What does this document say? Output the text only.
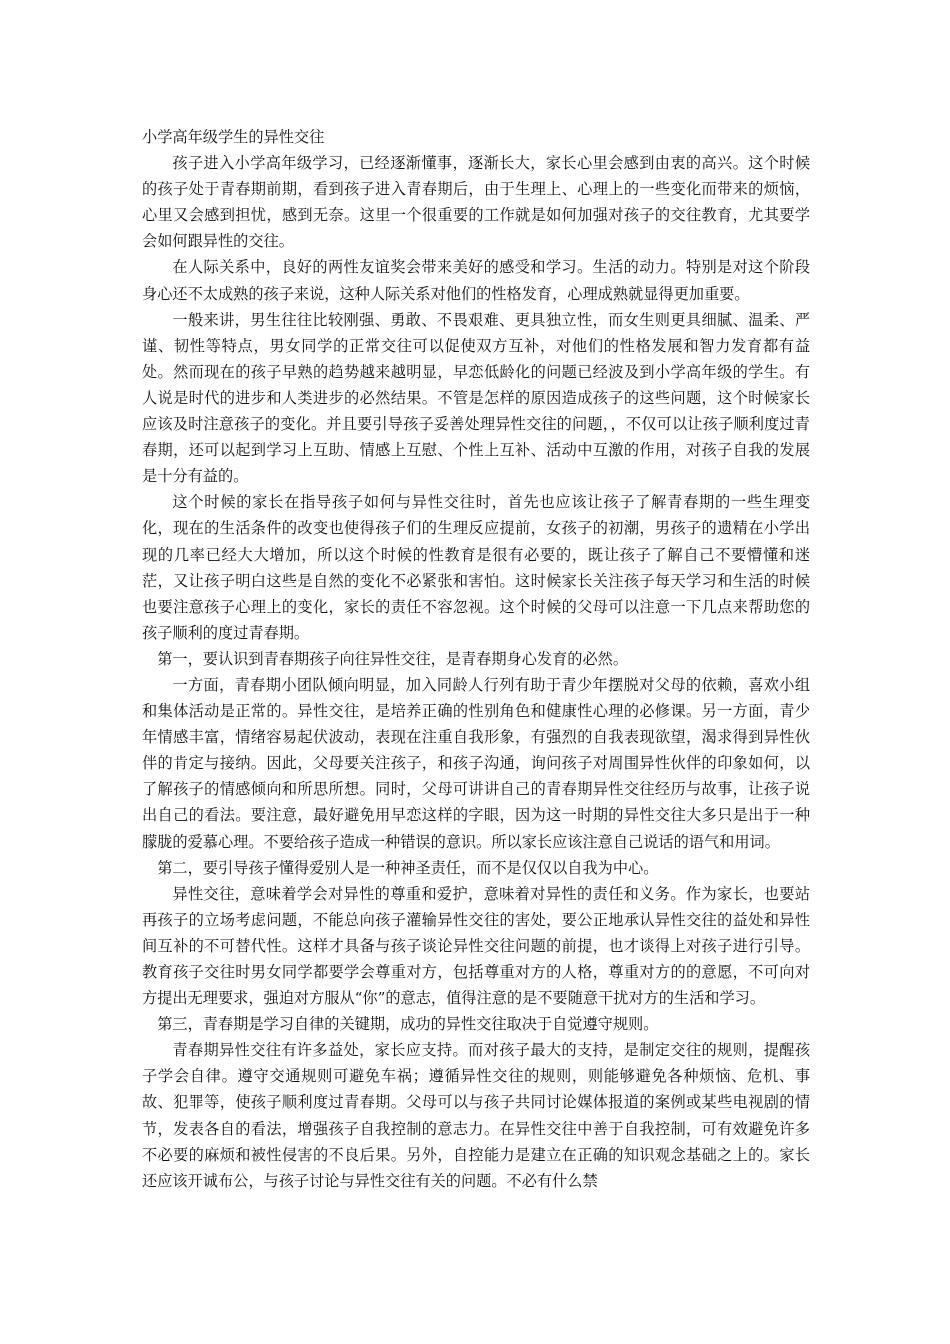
小学高年级学生的异性交往

孩子进入小学高年级学习，已经逐渐懂事，逐渐长大，家长心里会感到由衷的高兴。这个时候的孩子处于青春期前期，看到孩子进入青春期后，由于生理上、心理上的一些变化而带来的烦恼，心里又会感到担忧，感到无奈。这里一个很重要的工作就是如何加强对孩子的交往教育，尤其要学会如何跟异性的交往。

在人际关系中，良好的两性友谊奖会带来美好的感受和学习。生活的动力。特别是对这个阶段身心还不太成熟的孩子来说，这种人际关系对他们的性格发育，心理成熟就显得更加重要。

一般来讲，男生往往比较刚强、勇敢、不畏艰难、更具独立性，而女生则更具细腻、温柔、严谨、韧性等特点，男女同学的正常交往可以促使双方互补，对他们的性格发展和智力发育都有益处。然而现在的孩子早熟的趋势越来越明显，早恋低龄化的问题已经波及到小学高年级的学生。有人说是时代的进步和人类进步的必然结果。不管是怎样的原因造成孩子的这些问题，这个时候家长应该及时注意孩子的变化。并且要引导孩子妥善处理异性交往的问题，，不仅可以让孩子顺利度过青春期，还可以起到学习上互助、情感上互慰、个性上互补、活动中互激的作用，对孩子自我的发展是十分有益的。

这个时候的家长在指导孩子如何与异性交往时，首先也应该让孩子了解青春期的一些生理变化，现在的生活条件的改变也使得孩子们的生理反应提前，女孩子的初潮，男孩子的遗精在小学出现的几率已经大大增加，所以这个时候的性教育是很有必要的，既让孩子了解自己不要懵懂和迷茫，又让孩子明白这些是自然的变化不必紧张和害怕。这时候家长关注孩子每天学习和生活的时候也要注意孩子心理上的变化，家长的责任不容忽视。这个时候的父母可以注意一下几点来帮助您的孩子顺利的度过青春期。

第一，要认识到青春期孩子向往异性交往，是青春期身心发育的必然。

一方面，青春期小团队倾向明显，加入同龄人行列有助于青少年摆脱对父母的依赖，喜欢小组和集体活动是正常的。异性交往，是培养正确的性别角色和健康性心理的必修课。另一方面，青少年情感丰富，情绪容易起伏波动，表现在注重自我形象，有强烈的自我表现欲望，渴求得到异性伙伴的肯定与接纳。因此，父母要关注孩子，和孩子沟通，询问孩子对周围异性伙伴的印象如何，以了解孩子的情感倾向和所思所想。同时，父母可讲讲自己的青春期异性交往经历与故事，让孩子说出自己的看法。要注意，最好避免用早恋这样的字眼，因为这一时期的异性交往大多只是出于一种朦胧的爱慕心理。不要给孩子造成一种错误的意识。所以家长应该注意自己说话的语气和用词。

第二，要引导孩子懂得爱别人是一种神圣责任，而不是仅仅以自我为中心。

异性交往，意味着学会对异性的尊重和爱护，意味着对异性的责任和义务。作为家长，也要站再孩子的立场考虑问题，不能总向孩子灌输异性交往的害处，要公正地承认异性交往的益处和异性间互补的不可替代性。这样才具备与孩子谈论异性交往问题的前提，也才谈得上对孩子进行引导。教育孩子交往时男女同学都要学会尊重对方，包括尊重对方的人格，尊重对方的的意愿，不可向对方提出无理要求，强迫对方服从“你”的意志，值得注意的是不要随意干扰对方的生活和学习。

第三，青春期是学习自律的关键期，成功的异性交往取决于自觉遵守规则。

青春期异性交往有许多益处，家长应支持。而对孩子最大的支持，是制定交往的规则，提醒孩子学会自律。遵守交通规则可避免车祸；遵循异性交往的规则，则能够避免各种烦恼、危机、事故、犯罪等，使孩子顺利度过青春期。父母可以与孩子共同讨论媒体报道的案例或某些电视剧的情节，发表各自的看法，增强孩子自我控制的意志力。在异性交往中善于自我控制，可有效避免许多不必要的麻烦和被性侵害的不良后果。另外，自控能力是建立在正确的知识观念基础之上的。家长还应该开诚布公，与孩子讨论与异性交往有关的问题。不必有什么禁
